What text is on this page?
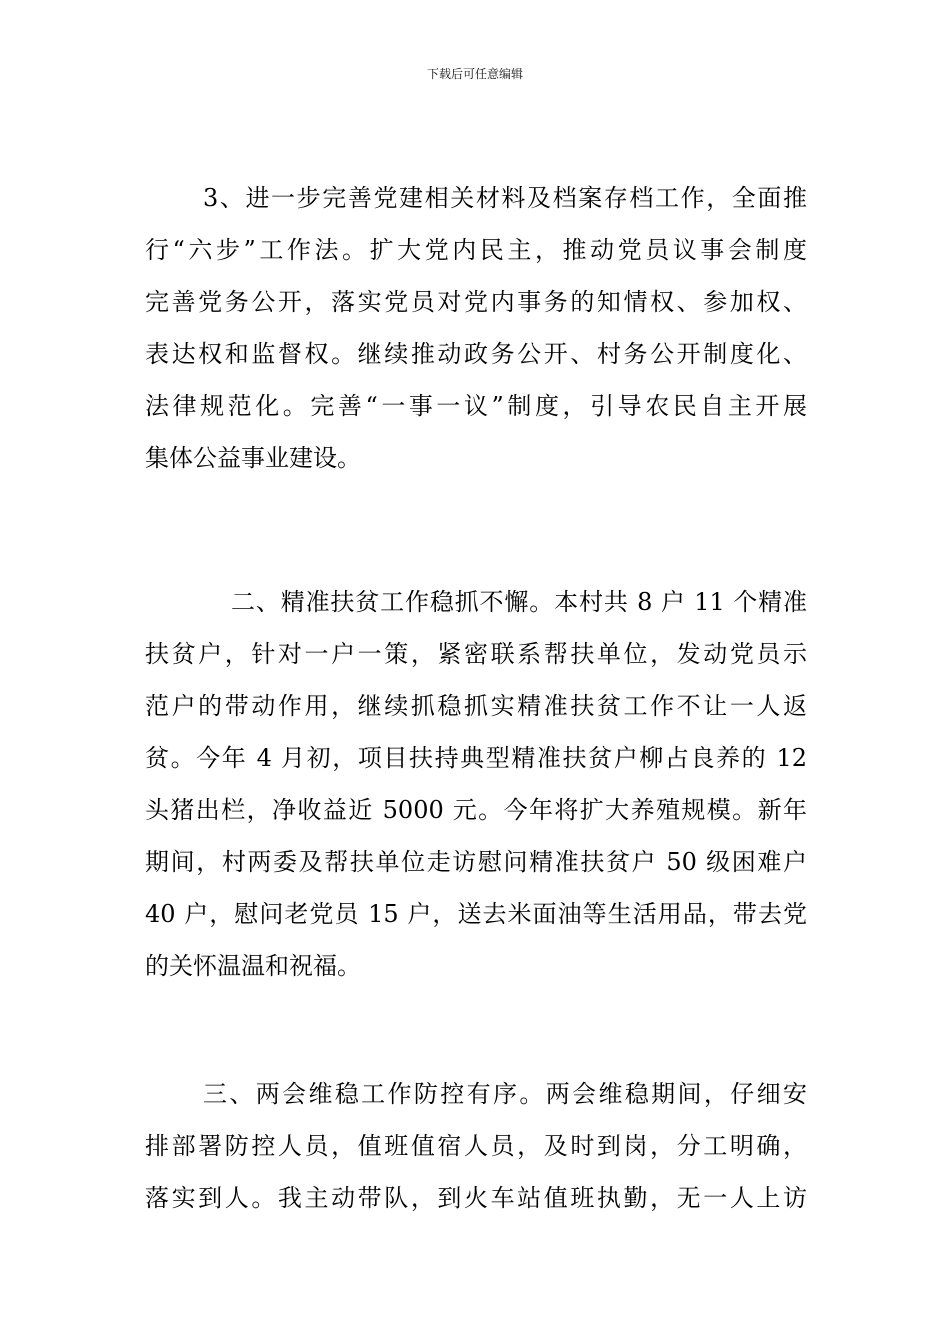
下载后可任意编辑
3、进一步完善党建相关材料及档案存档工作，全面推
行“六步”工作法。扩大党内民主，推动党员议事会制度
完善党务公开，落实党员对党内事务的知情权、参加权、
表达权和监督权。继续推动政务公开、村务公开制度化、
法律规范化。完善“一事一议”制度，引导农民自主开展
集体公益事业建设。
二、精准扶贫工作稳抓不懈。本村共 8 户 11 个精准
扶贫户，针对一户一策，紧密联系帮扶单位，发动党员示
范户的带动作用，继续抓稳抓实精准扶贫工作不让一人返
贫。今年 4 月初，项目扶持典型精准扶贫户柳占良养的 12
头猪出栏，净收益近 5000 元。今年将扩大养殖规模。新年
期间，村两委及帮扶单位走访慰问精准扶贫户 50 级困难户
40 户，慰问老党员 15 户，送去米面油等生活用品，带去党
的关怀温温和祝福。
三、两会维稳工作防控有序。两会维稳期间，仔细安
排部署防控人员，值班值宿人员，及时到岗，分工明确，
落实到人。我主动带队，到火车站值班执勤，无一人上访
